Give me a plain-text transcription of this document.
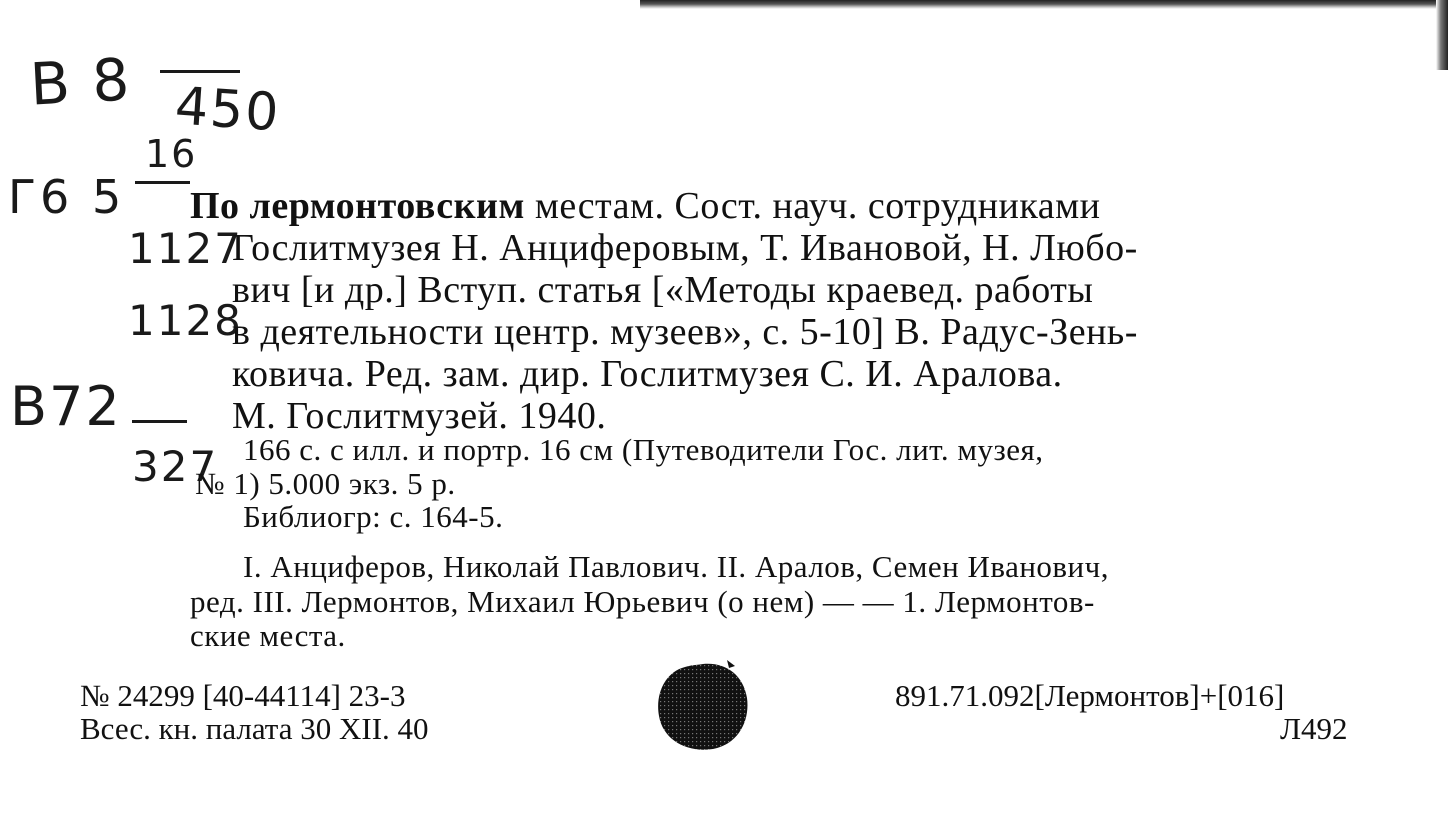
B 8 450
16
Г6 5
1127
1128
B72
327
По лермонтовским местам. Сост. науч. сотрудниками
Гослитмузея Н. Анциферовым, Т. Ивановой, Н. Любо-
вич [и др.] Вступ. статья [«Методы краевед. работы
в деятельности центр. музеев», с. 5-10] В. Радус-Зень-
ковича. Ред. зам. дир. Гослитмузея С. И. Аралова.
М. Гослитмузей. 1940.
166 с. с илл. и портр. 16 см (Путеводители Гос. лит. музея,
№ 1) 5.000 экз. 5 р.
Библиогр: с. 164-5.
I. Анциферов, Николай Павлович. II. Аралов, Семен Иванович,
ред. III. Лермонтов, Михаил Юрьевич (о нем) — — 1. Лермонтов-
ские места.
№ 24299 [40-44114] 23-3
Всес. кн. палата 30 XII. 40
891.71.092[Лермонтов]+[016]
Л492
